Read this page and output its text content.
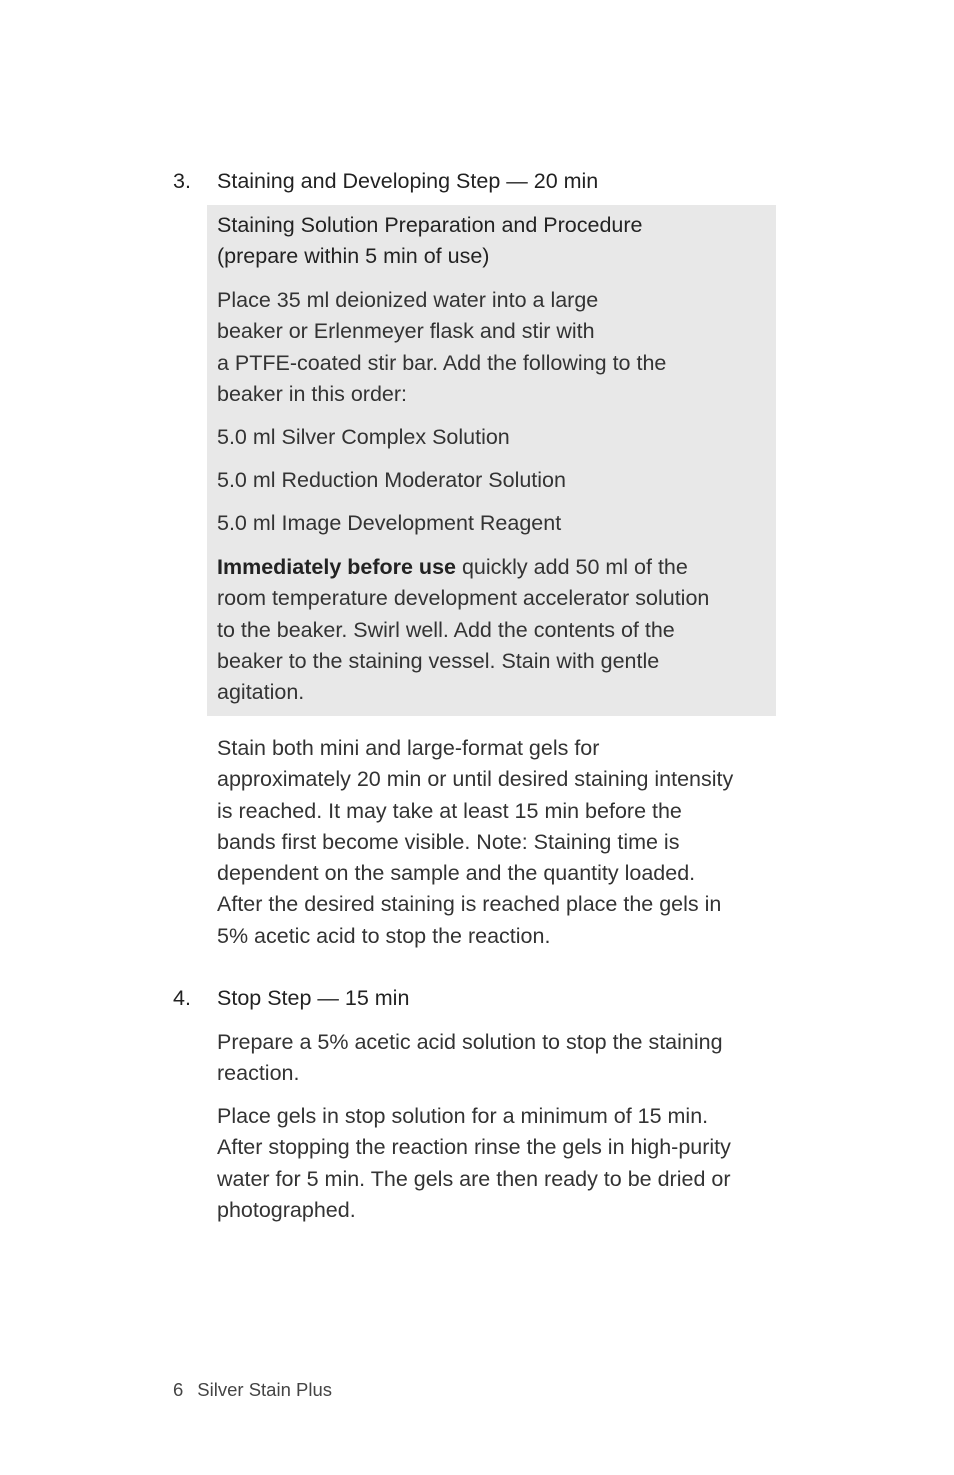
3. Staining and Developing Step — 20 min
Staining Solution Preparation and Procedure
(prepare within 5 min of use)
Place 35 ml deionized water into a large
beaker or Erlenmeyer flask and stir with
a PTFE-coated stir bar. Add the following to the
beaker in this order:
5.0 ml Silver Complex Solution
5.0 ml Reduction Moderator Solution
5.0 ml Image Development Reagent
Immediately before use quickly add 50 ml of the
room temperature development accelerator solution
to the beaker. Swirl well. Add the contents of the
beaker to the staining vessel. Stain with gentle
agitation.
Stain both mini and large-format gels for
approximately 20 min or until desired staining intensity
is reached. It may take at least 15 min before the
bands first become visible. Note: Staining time is
dependent on the sample and the quantity loaded.
After the desired staining is reached place the gels in
5% acetic acid to stop the reaction.
4. Stop Step — 15 min
Prepare a 5% acetic acid solution to stop the staining
reaction.
Place gels in stop solution for a minimum of 15 min.
After stopping the reaction rinse the gels in high-purity
water for 5 min. The gels are then ready to be dried or
photographed.
6 Silver Stain Plus
